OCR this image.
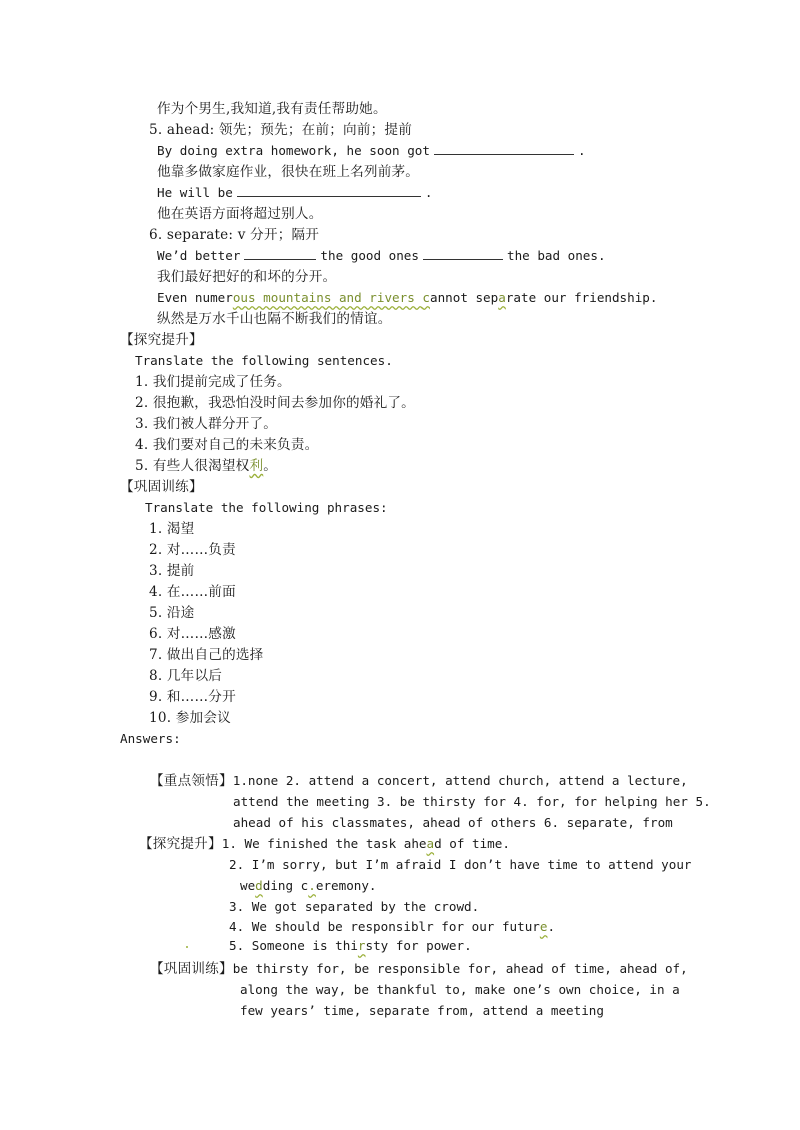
作为个男生,我知道,我有责任帮助她。
5. ahead: 领先；预先；在前；向前；提前
By doing extra homework, he soon got	.
他靠多做家庭作业，很快在班上名列前茅。
He will be	.
他在英语方面将超过别人。
6. separate: v 分开；隔开
We’d better	the good ones	the bad ones.
我们最好把好的和坏的分开。
Even numerous mountains and rivers cannot separate our friendship.
纵然是万水千山也隔不断我们的情谊。
【探究提升】
Translate the following sentences.
1. 我们提前完成了任务。
2. 很抱歉，我恐怕没时间去参加你的婚礼了。
3. 我们被人群分开了。
4. 我们要对自己的未来负责。
5. 有些人很渴望权利。
【巩固训练】
Translate the following phrases:
1. 渴望
2. 对……负责
3. 提前
4. 在……前面
5. 沿途
6. 对……感激
7. 做出自己的选择
8. 几年以后
9. 和……分开
10. 参加会议
Answers:
【重点领悟】1.none 2. attend a concert, attend church, attend a lecture,
attend the meeting 3. be thirsty for 4. for, for helping her 5.
ahead of his classmates, ahead of others 6. separate, from
【探究提升】1. We finished the task ahead of time.
2. I’m sorry, but I’m afraid I don’t have time to attend your
wedding c.eremony.
3. We got separated by the crowd.
4. We should be responsiblr for our future.
5. Someone is thirsty for power.
【巩固训练】be thirsty for, be responsible for, ahead of time, ahead of,
along the way, be thankful to, make one’s own choice, in a
few years’ time, separate from, attend a meeting
